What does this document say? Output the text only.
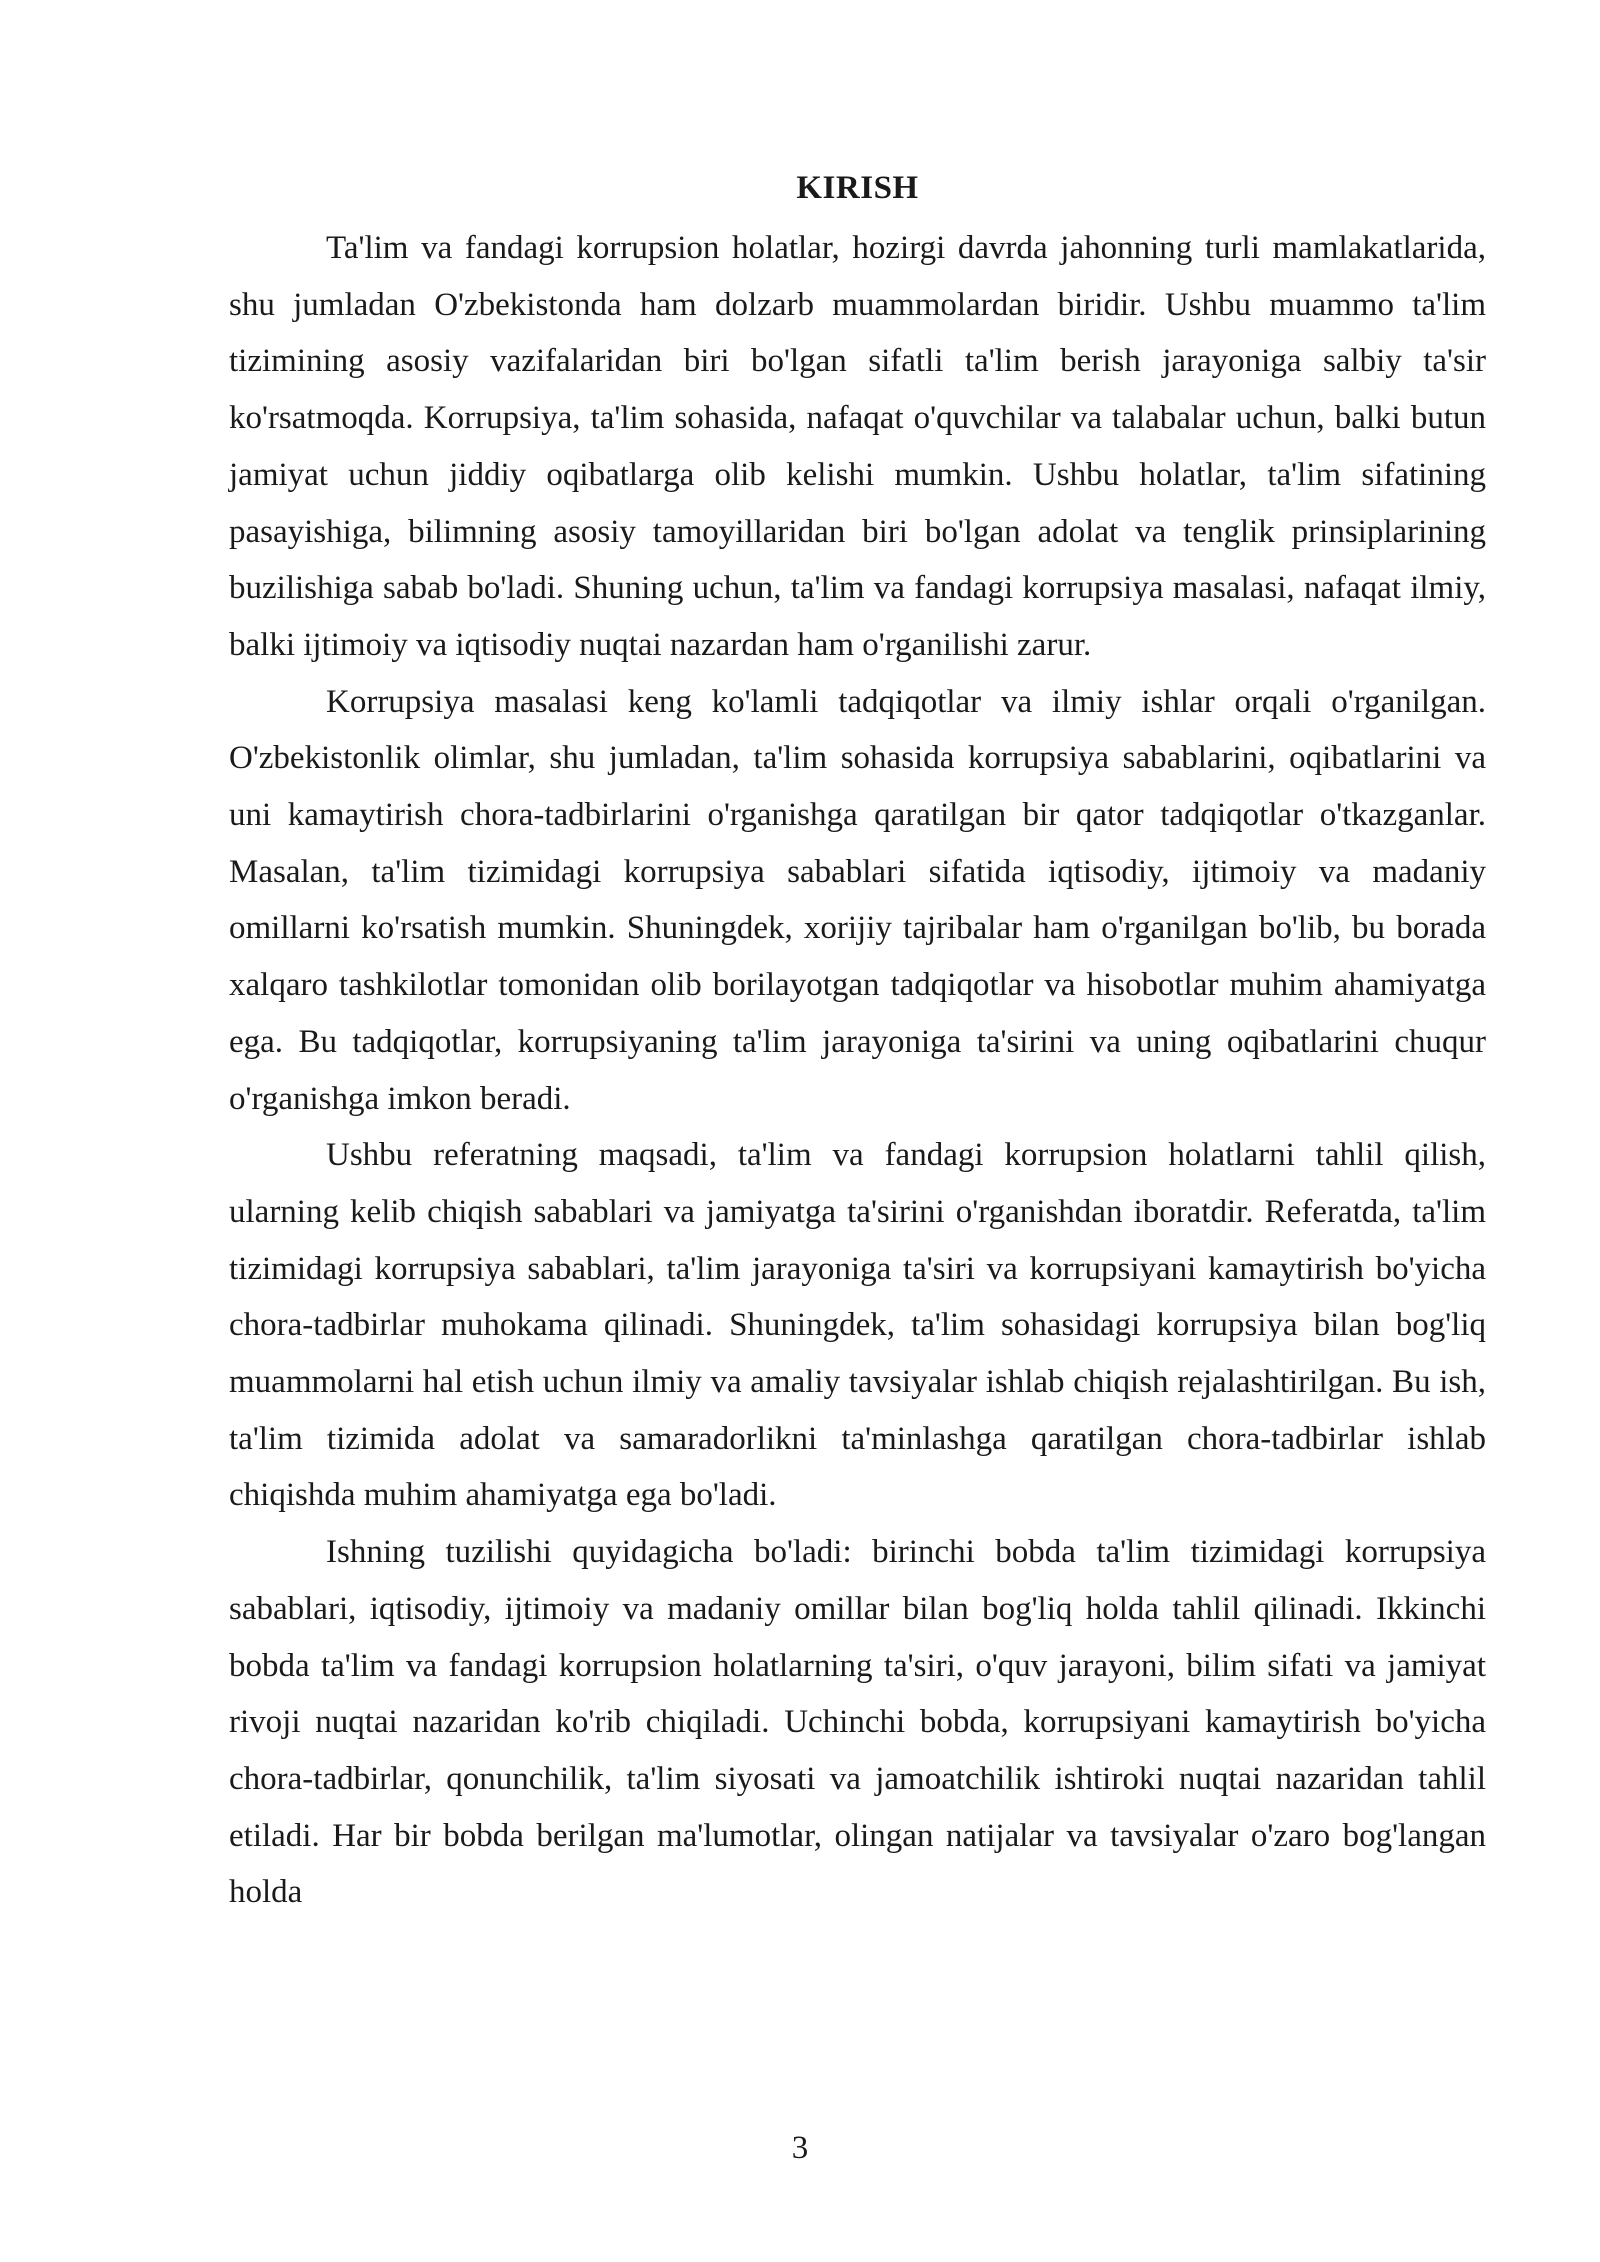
KIRISH

Ta'lim va fandagi korrupsion holatlar, hozirgi davrda jahonning turli mamlakatlarida, shu jumladan O'zbekistonda ham dolzarb muammolardan biridir. Ushbu muammo ta'lim tizimining asosiy vazifalaridan biri bo'lgan sifatli ta'lim berish jarayoniga salbiy ta'sir ko'rsatmoqda. Korrupsiya, ta'lim sohasida, nafaqat o'quvchilar va talabalar uchun, balki butun jamiyat uchun jiddiy oqibatlarga olib kelishi mumkin. Ushbu holatlar, ta'lim sifatining pasayishiga, bilimning asosiy tamoyillaridan biri bo'lgan adolat va tenglik prinsiplarining buzilishiga sabab bo'ladi. Shuning uchun, ta'lim va fandagi korrupsiya masalasi, nafaqat ilmiy, balki ijtimoiy va iqtisodiy nuqtai nazardan ham o'rganilishi zarur.

Korrupsiya masalasi keng ko'lamli tadqiqotlar va ilmiy ishlar orqali o'rganilgan. O'zbekistonlik olimlar, shu jumladan, ta'lim sohasida korrupsiya sabablarini, oqibatlarini va uni kamaytirish chora-tadbirlarini o'rganishga qaratilgan bir qator tadqiqotlar o'tkazganlar. Masalan, ta'lim tizimidagi korrupsiya sabablari sifatida iqtisodiy, ijtimoiy va madaniy omillarni ko'rsatish mumkin. Shuningdek, xorijiy tajribalar ham o'rganilgan bo'lib, bu borada xalqaro tashkilotlar tomonidan olib borilayotgan tadqiqotlar va hisobotlar muhim ahamiyatga ega. Bu tadqiqotlar, korrupsiyaning ta'lim jarayoniga ta'sirini va uning oqibatlarini chuqur o'rganishga imkon beradi.

Ushbu referatning maqsadi, ta'lim va fandagi korrupsion holatlarni tahlil qilish, ularning kelib chiqish sabablari va jamiyatga ta'sirini o'rganishdan iboratdir. Referatda, ta'lim tizimidagi korrupsiya sabablari, ta'lim jarayoniga ta'siri va korrupsiyani kamaytirish bo'yicha chora-tadbirlar muhokama qilinadi. Shuningdek, ta'lim sohasidagi korrupsiya bilan bog'liq muammolarni hal etish uchun ilmiy va amaliy tavsiyalar ishlab chiqish rejalashtirilgan. Bu ish, ta'lim tizimida adolat va samaradorlikni ta'minlashga qaratilgan chora-tadbirlar ishlab chiqishda muhim ahamiyatga ega bo'ladi.

Ishning tuzilishi quyidagicha bo'ladi: birinchi bobda ta'lim tizimidagi korrupsiya sabablari, iqtisodiy, ijtimoiy va madaniy omillar bilan bog'liq holda tahlil qilinadi. Ikkinchi bobda ta'lim va fandagi korrupsion holatlarning ta'siri, o'quv jarayoni, bilim sifati va jamiyat rivoji nuqtai nazaridan ko'rib chiqiladi. Uchinchi bobda, korrupsiyani kamaytirish bo'yicha chora-tadbirlar, qonunchilik, ta'lim siyosati va jamoatchilik ishtiroki nuqtai nazaridan tahlil etiladi. Har bir bobda berilgan ma'lumotlar, olingan natijalar va tavsiyalar o'zaro bog'langan holda

3
